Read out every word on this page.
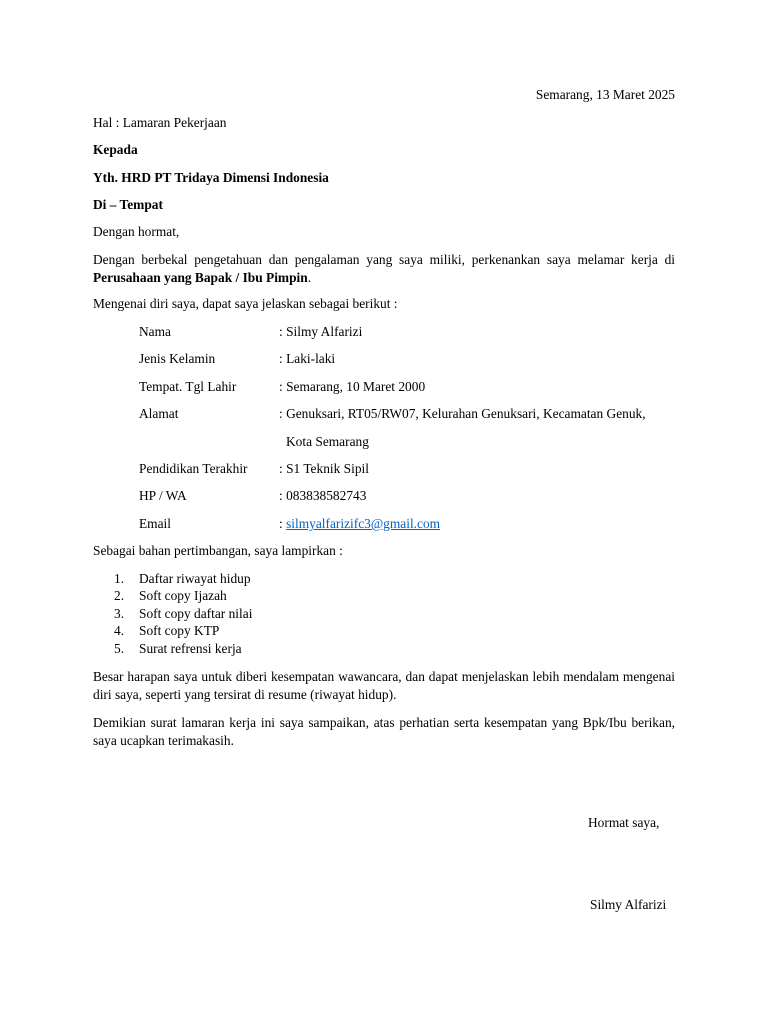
Semarang, 13 Maret 2025
Hal : Lamaran Pekerjaan
Kepada
Yth. HRD PT Tridaya Dimensi Indonesia
Di – Tempat
Dengan hormat,
Dengan berbekal pengetahuan dan pengalaman yang saya miliki, perkenankan saya melamar kerja di Perusahaan yang Bapak / Ibu Pimpin.
Mengenai diri saya, dapat saya jelaskan sebagai berikut :
Nama	: Silmy Alfarizi
Jenis Kelamin	: Laki-laki
Tempat. Tgl Lahir	: Semarang, 10 Maret 2000
Alamat	: Genuksari, RT05/RW07, Kelurahan Genuksari, Kecamatan Genuk,
Kota Semarang
Pendidikan Terakhir : S1 Teknik Sipil
HP / WA	: 083838582743
Email	: silmyalfarizifc3@gmail.com
Sebagai bahan pertimbangan, saya lampirkan :
1. Daftar riwayat hidup
2. Soft copy Ijazah
3. Soft copy daftar nilai
4. Soft copy KTP
5. Surat refrensi kerja
Besar harapan saya untuk diberi kesempatan wawancara, dan dapat menjelaskan lebih mendalam mengenai diri saya, seperti yang tersirat di resume (riwayat hidup).
Demikian surat lamaran kerja ini saya sampaikan, atas perhatian serta kesempatan yang Bpk/Ibu berikan, saya ucapkan terimakasih.
Hormat saya,
Silmy Alfarizi
